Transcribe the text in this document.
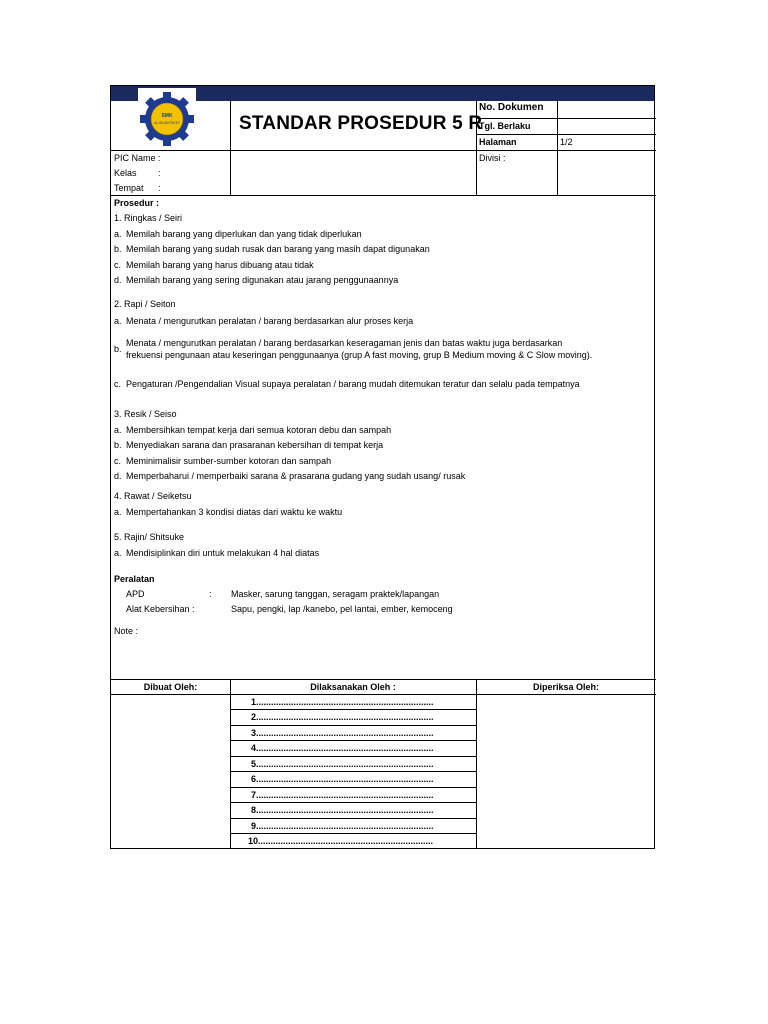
SMK
AL-ISLAM PACET	STANDAR PROSEDUR 5 R
No. Dokumen
Tgl. Berlaku
Halaman	1/2
PIC Name :
Kelas :
Tempat :
Divisi :
Prosedur :
1. Ringkas / Seiri
a. Memilah barang yang diperlukan dan yang tidak diperlukan
b. Memilah barang yang sudah rusak dan barang yang masih dapat digunakan
c. Memilah barang yang harus dibuang atau tidak
d. Memilah barang yang sering digunakan atau jarang penggunaannya
2. Rapi / Seiton
a. Menata / mengurutkan peralatan / barang berdasarkan alur proses kerja
b.
Menata / mengurutkan peralatan / barang berdasarkan keseragaman jenis dan batas waktu juga berdasarkan
frekuensi pengunaan atau keseringan penggunaanya (grup A fast moving, grup B Medium moving & C Slow moving).
c. Pengaturan /Pengendalian Visual supaya peralatan / barang mudah ditemukan teratur dan selalu pada tempatnya
3. Resik / Seiso
a. Membersihkan tempat kerja dari semua kotoran debu dan sampah
b. Menyediakan sarana dan prasaranan kebersihan di tempat kerja
c. Meminimalisir sumber-sumber kotoran dan sampah
d. Memperbaharui / memperbaiki sarana & prasarana gudang yang sudah usang/ rusak
4. Rawat / Seiketsu
a. Mempertahankan 3 kondisi diatas dari waktu ke waktu
5. Rajin/ Shitsuke
a. Mendisiplinkan diri untuk melakukan 4 hal diatas
Peralatan
APD	: Masker, sarung tanggan, seragam praktek/lapangan
Alat Kebersihan :	Sapu, pengki, lap /kanebo, pel lantai, ember, kemoceng
Note :
Dibuat Oleh:	Dilaksanakan Oleh :	Diperiksa Oleh:
1.......................................................................
2.......................................................................
3.......................................................................
4.......................................................................
5.......................................................................
6.......................................................................
7.......................................................................
8.......................................................................
9.......................................................................
10......................................................................
